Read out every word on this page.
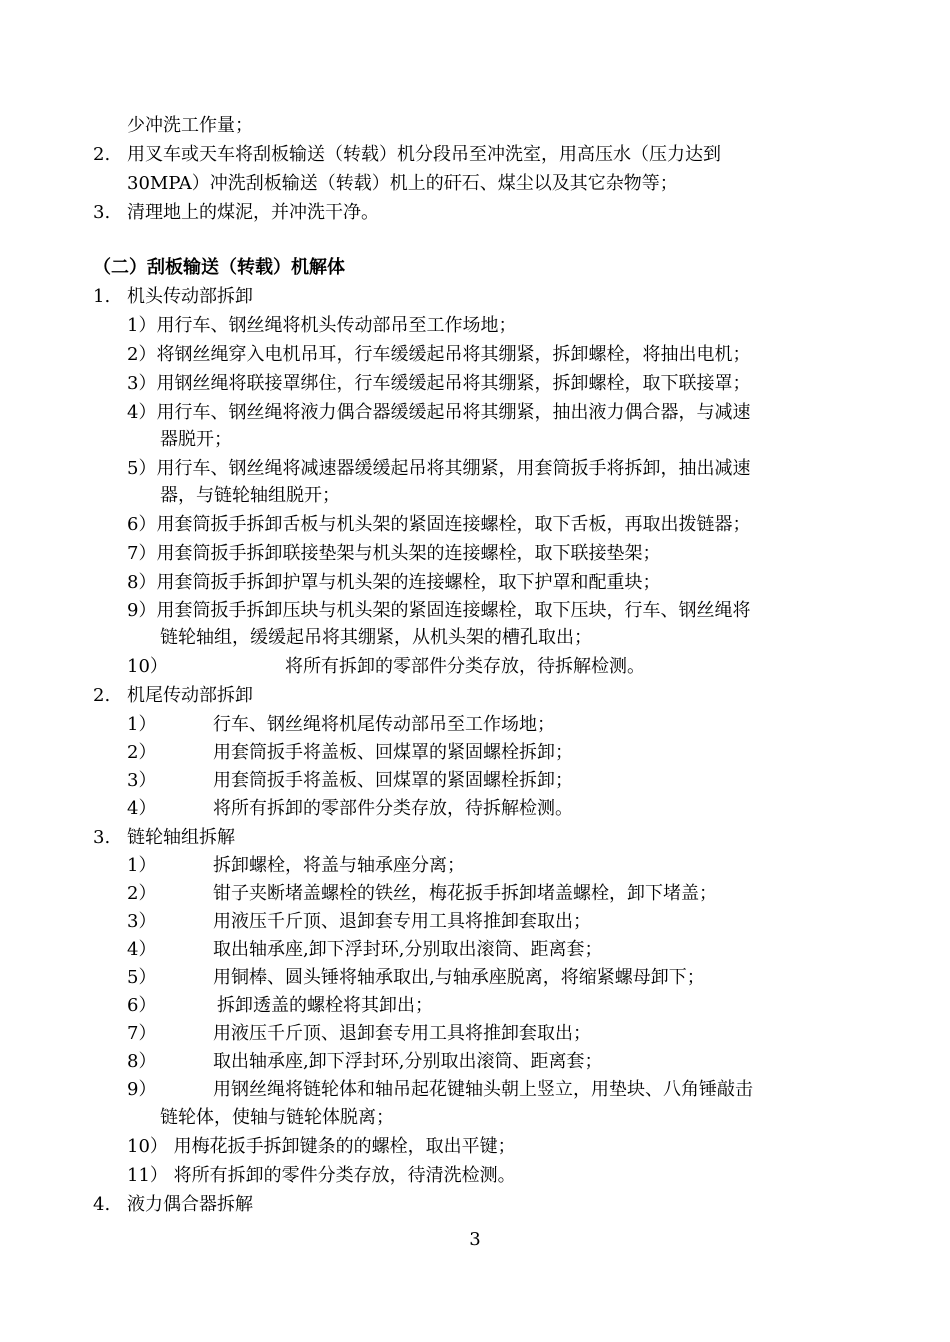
少冲洗工作量；
2. 用叉车或天车将刮板输送（转载）机分段吊至冲洗室，用高压水（压力达到
30MPA）冲洗刮板输送（转载）机上的矸石、煤尘以及其它杂物等；
3. 清理地上的煤泥，并冲洗干净。
（二）刮板输送（转载）机解体
1. 机头传动部拆卸
1）用行车、钢丝绳将机头传动部吊至工作场地；
2）将钢丝绳穿入电机吊耳，行车缓缓起吊将其绷紧，拆卸螺栓，将抽出电机；
3）用钢丝绳将联接罩绑住，行车缓缓起吊将其绷紧，拆卸螺栓，取下联接罩；
4）用行车、钢丝绳将液力偶合器缓缓起吊将其绷紧，抽出液力偶合器，与减速
器脱开；
5）用行车、钢丝绳将减速器缓缓起吊将其绷紧，用套筒扳手将拆卸，抽出减速
器，与链轮轴组脱开；
6）用套筒扳手拆卸舌板与机头架的紧固连接螺栓，取下舌板，再取出拨链器；
7）用套筒扳手拆卸联接垫架与机头架的连接螺栓，取下联接垫架；
8）用套筒扳手拆卸护罩与机头架的连接螺栓，取下护罩和配重块；
9）用套筒扳手拆卸压块与机头架的紧固连接螺栓，取下压块，行车、钢丝绳将
链轮轴组，缓缓起吊将其绷紧，从机头架的槽孔取出；
10）	将所有拆卸的零部件分类存放，待拆解检测。
2. 机尾传动部拆卸
1）	行车、钢丝绳将机尾传动部吊至工作场地；
2）	用套筒扳手将盖板、回煤罩的紧固螺栓拆卸；
3）	用套筒扳手将盖板、回煤罩的紧固螺栓拆卸；
4）	将所有拆卸的零部件分类存放，待拆解检测。
3. 链轮轴组拆解
1）	拆卸螺栓，将盖与轴承座分离；
2）	钳子夹断堵盖螺栓的铁丝，梅花扳手拆卸堵盖螺栓，卸下堵盖；
3）	用液压千斤顶、退卸套专用工具将推卸套取出；
4）	取出轴承座,卸下浮封环,分别取出滚筒、距离套；
5）	用铜棒、圆头锤将轴承取出,与轴承座脱离，将缩紧螺母卸下；
6）	拆卸透盖的螺栓将其卸出；
7）	用液压千斤顶、退卸套专用工具将推卸套取出；
8）	取出轴承座,卸下浮封环,分别取出滚筒、距离套；
9）	用钢丝绳将链轮体和轴吊起花键轴头朝上竖立，用垫块、八角锤敲击
链轮体，使轴与链轮体脱离；
10） 用梅花扳手拆卸键条的的螺栓，取出平键；
11） 将所有拆卸的零件分类存放，待清洗检测。
4. 液力偶合器拆解
3
